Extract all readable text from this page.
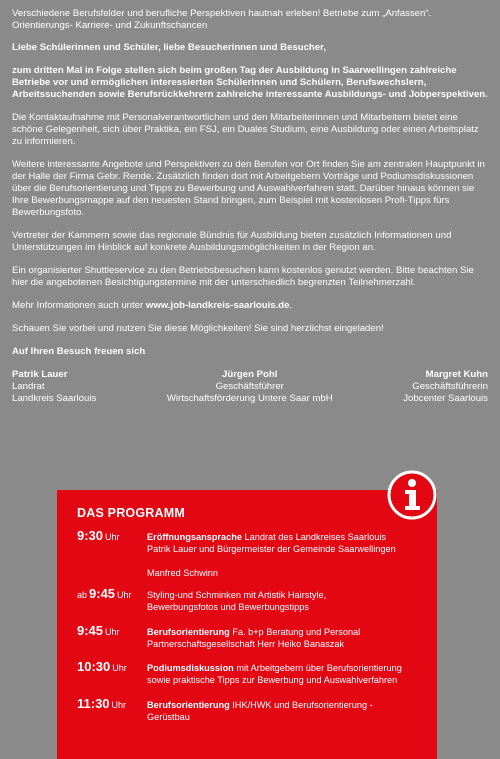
Verschiedene Berufsfelder und berufliche Perspektiven hautnah erleben! Betriebe zum „Anfassen“.
Orientierungs- Karriere- und Zukunftschancen

Liebe Schülerinnen und Schüler, liebe Besucherinnen und Besucher,

zum dritten Mal in Folge stellen sich beim großen Tag der Ausbildung in Saarwellingen zahlreiche Betriebe vor und ermöglichen interessierten Schülerinnen und Schülern, Berufswechslern, Arbeitssuchenden sowie Berufsrückkehrern zahlreiche interessante Ausbildungs- und Jobperspektiven.

Die Kontaktaufnahme mit Personalverantwortlichen und den Mitarbeiterinnen und Mitarbeitern bietet eine schöne Gelegenheit, sich über Praktika, ein FSJ, ein Duales Studium, eine Ausbildung oder einen Arbeitsplatz zu informieren.

Weitere interessante Angebote und Perspektiven zu den Berufen vor Ort finden Sie am zentralen Hauptpunkt in der Halle der Firma Gebr. Rende. Zusätzlich finden dort mit Arbeitgebern Vorträge und Podiumsdiskussionen über die Berufsorientierung und Tipps zu Bewerbung und Auswahlverfahren statt. Darüber hinaus können sie Ihre Bewerbungsmappe auf den neuesten Stand bringen, zum Beispiel mit kostenlosen Profi-Tipps fürs Bewerbungsfoto.

Vertreter der Kammern sowie das regionale Bündnis für Ausbildung bieten zusätzlich Informationen und Unterstützungen im Hinblick auf konkrete Ausbildungsmöglichkeiten in der Region an.

Ein organisierter Shuttleservice zu den Betriebsbesuchen kann kostenlos genutzt werden. Bitte beachten Sie hier die angebotenen Besichtigungstermine mit der unterschiedlich begrenzten Teilnehmerzahl.

Mehr Informationen auch unter www.job-landkreis-saarlouis.de.

Schauen Sie vorbei und nutzen Sie diese Möglichkeiten! Sie sind herzlichst eingeladen!

Auf Ihren Besuch freuen sich

Patrik Lauer
Landrat
Landkreis Saarlouis
Jürgen Pohl
Geschäftsführer
Wirtschaftsförderung Untere Saar mbH
Margret Kuhn
Geschäftsführerin
Jobcenter Saarlouis
DAS PROGRAMM
9:30 Uhr	Eröffnungsansprache Landrat des Landkreises Saarlouis
Patrik Lauer und Bürgermeister der Gemeinde Saarwellingen

Manfred Schwinn
ab 9:45 Uhr	Styling-und Schminken mit Artistik Hairstyle,
Bewerbungsfotos und Bewerbungstipps
9:45 Uhr	Berufsorientierung Fa. b+p Beratung und Personal
Partnerschaftsgesellschaft Herr Heiko Banaszak
10:30 Uhr	Podiumsdiskussion mit Arbeitgebern über Berufsorientierung
sowie praktische Tipps zur Bewerbung und Auswahlverfahren
11:30 Uhr	Berufsorientierung IHK/HWK und Berufsorientierung -
Gerüstbau
